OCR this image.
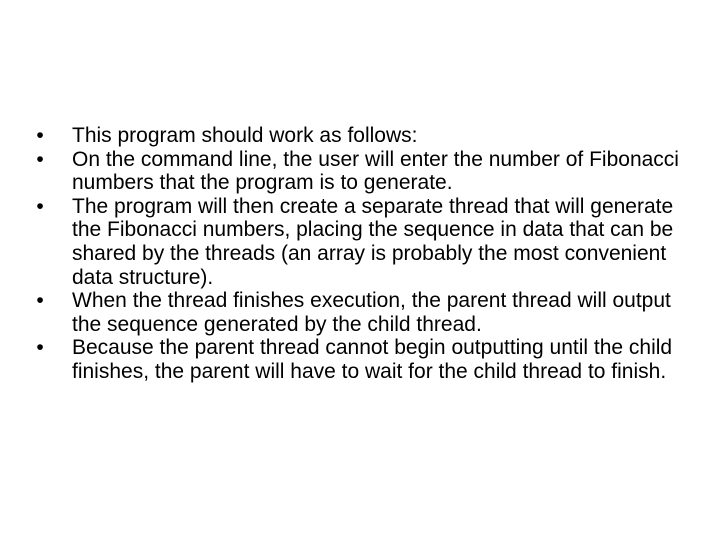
•	This program should work as follows:
•	On the command line, the user will enter the number of Fibonacci numbers that the program is to generate.
•	The program will then create a separate thread that will generate the Fibonacci numbers, placing the sequence in data that can be shared by the threads (an array is probably the most convenient data structure).
•	When the thread finishes execution, the parent thread will output the sequence generated by the child thread.
•	Because the parent thread cannot begin outputting until the child finishes, the parent will have to wait for the child thread to finish.
